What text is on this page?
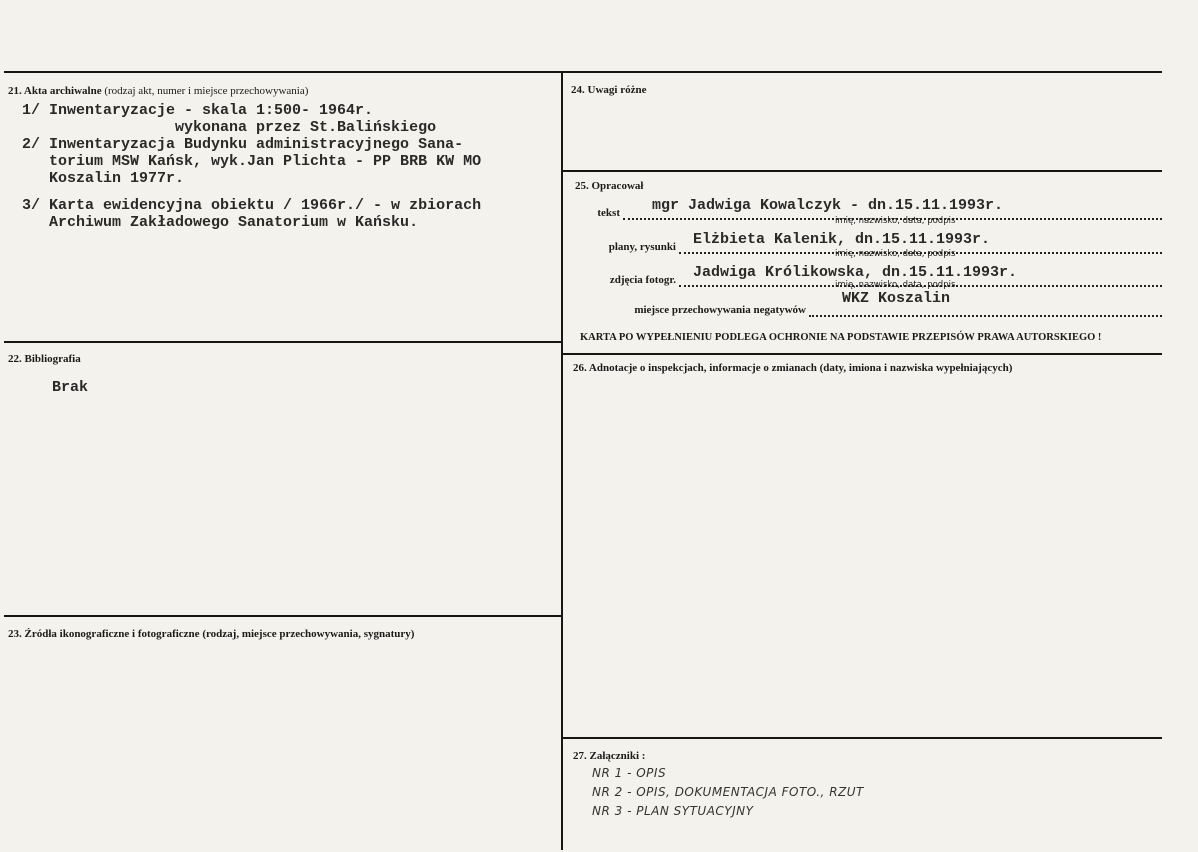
21. Akta archiwalne (rodzaj akt, numer i miejsce przechowywania)
1/ Inwentaryzacje - skala 1:500- 1964r.
wykonana przez St.Balińskiego
2/ Inwentaryzacja Budynku administracyjnego Sana-
torium MSW Kańsk, wyk.Jan Plichta - PP BRB KW MO
Koszalin 1977r.
3/ Karta ewidencyjna obiektu / 1966r./ - w zbiorach
Archiwum Zakładowego Sanatorium w Kańsku.
22. Bibliografia
Brak
23. Źródła ikonograficzne i fotograficzne (rodzaj, miejsce przechowywania, sygnatury)
24. Uwagi różne
25. Opracował
tekst mgr Jadwiga Kowalczyk - dn.15.11.1993r.
imię, nazwisko, data, podpis
plany, rysunki Elżbieta Kalenik, dn.15.11.1993r.
imię, nazwisko, data, podpis
zdjęcia fotogr. Jadwiga Królikowska, dn.15.11.1993r.
imię, nazwisko, data, podpis
miejsce przechowywania negatywów
WKZ Koszalin
KARTA PO WYPEŁNIENIU PODLEGA OCHRONIE NA PODSTAWIE PRZEPISÓW PRAWA AUTORSKIEGO !
26. Adnotacje o inspekcjach, informacje o zmianach (daty, imiona i nazwiska wypełniających)
27. Załączniki :
NR 1 - OPIS
NR 2 - OPIS, DOKUMENTACJA FOTO., RZUT
NR 3 - PLAN SYTUACYJNY
